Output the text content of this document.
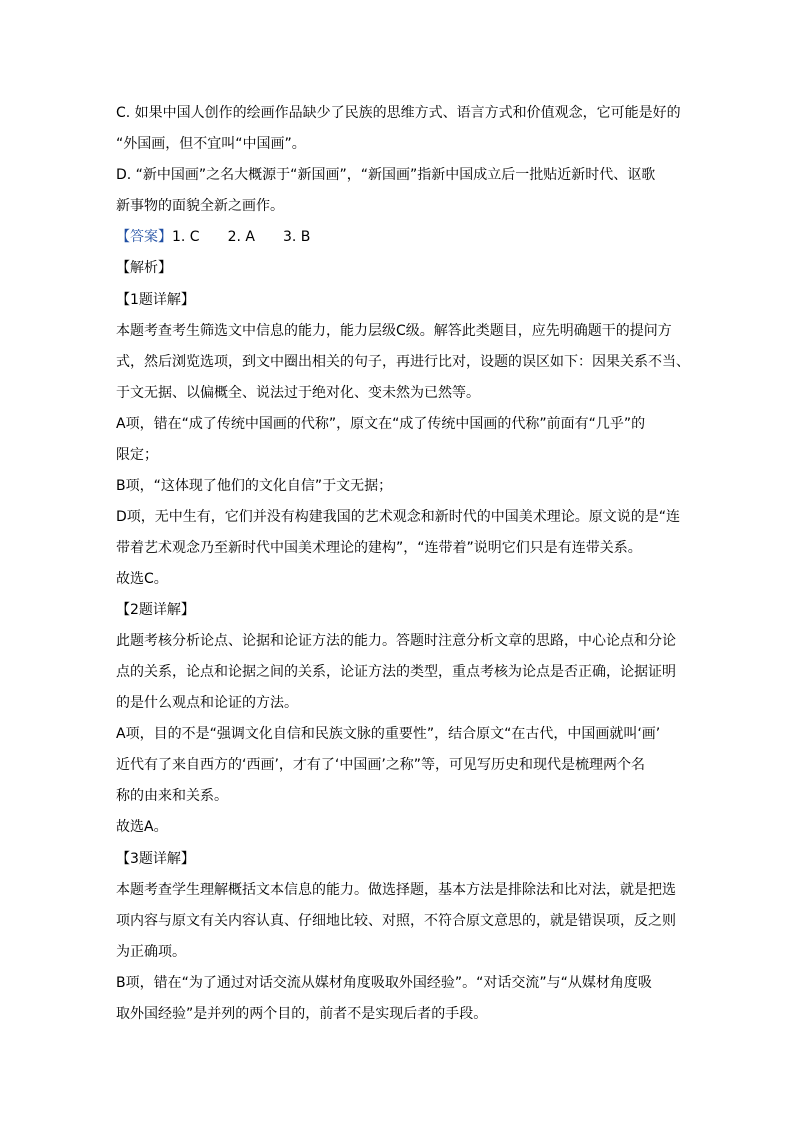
C. 如果中国人创作的绘画作品缺少了民族的思维方式、语言方式和价值观念，它可能是好的
“外国画，但不宜叫“中国画”。
D. “新中国画”之名大概源于“新国画”，“新国画”指新中国成立后一批贴近新时代、讴歌
新事物的面貌全新之画作。
【答案】1. C 2. A 3. B
【解析】
【1题详解】
本题考查考生筛选文中信息的能力，能力层级C级。解答此类题目，应先明确题干的提问方
式，然后浏览选项，到文中圈出相关的句子，再进行比对，设题的误区如下：因果关系不当、
于文无据、以偏概全、说法过于绝对化、变未然为已然等。
A项，错在“成了传统中国画的代称”，原文在“成了传统中国画的代称”前面有“几乎”的
限定；
B项，“这体现了他们的文化自信”于文无据；
D项，无中生有，它们并没有构建我国的艺术观念和新时代的中国美术理论。原文说的是“连
带着艺术观念乃至新时代中国美术理论的建构”，“连带着”说明它们只是有连带关系。
故选C。
【2题详解】
此题考核分析论点、论据和论证方法的能力。答题时注意分析文章的思路，中心论点和分论
点的关系，论点和论据之间的关系，论证方法的类型，重点考核为论点是否正确，论据证明
的是什么观点和论证的方法。
A项，目的不是“强调文化自信和民族文脉的重要性”，结合原文“在古代，中国画就叫‘画’
近代有了来自西方的‘西画’，才有了‘中国画’之称”等，可见写历史和现代是梳理两个名
称的由来和关系。
故选A。
【3题详解】
本题考查学生理解概括文本信息的能力。做选择题，基本方法是排除法和比对法，就是把选
项内容与原文有关内容认真、仔细地比较、对照，不符合原文意思的，就是错误项，反之则
为正确项。
B项，错在“为了通过对话交流从媒材角度吸取外国经验”。“对话交流”与“从媒材角度吸
取外国经验”是并列的两个目的，前者不是实现后者的手段。
